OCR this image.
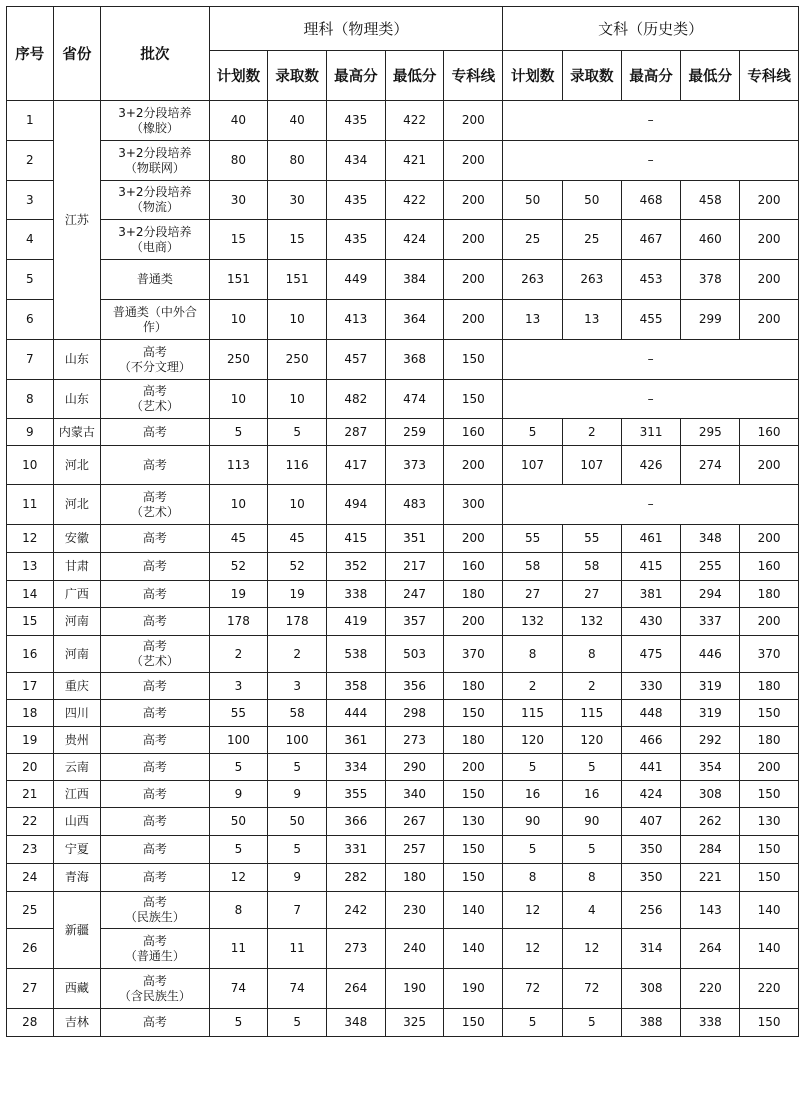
序号	省份	批次	理科（物理类）					文科（历史类）				
			计划数	录取数	最高分	最低分	专科线	计划数	录取数	最高分	最低分	专科线
1	江苏	3+2分段培养
（橡胶）	40	40	435	422	200	–				
2		3+2分段培养
（物联网）	80	80	434	421	200	–				
3		3+2分段培养
（物流）	30	30	435	422	200	50	50	468	458	200
4		3+2分段培养
（电商）	15	15	435	424	200	25	25	467	460	200
5		普通类	151	151	449	384	200	263	263	453	378	200
6		普通类（中外合
作）	10	10	413	364	200	13	13	455	299	200
7	山东	高考
（不分文理）	250	250	457	368	150	–				
8	山东	高考
（艺术）	10	10	482	474	150	–				
9	内蒙古	高考	5	5	287	259	160	5	2	311	295	160
10	河北	高考	113	116	417	373	200	107	107	426	274	200
11	河北	高考
（艺术）	10	10	494	483	300	–				
12	安徽	高考	45	45	415	351	200	55	55	461	348	200
13	甘肃	高考	52	52	352	217	160	58	58	415	255	160
14	广西	高考	19	19	338	247	180	27	27	381	294	180
15	河南	高考	178	178	419	357	200	132	132	430	337	200
16	河南	高考
（艺术）	2	2	538	503	370	8	8	475	446	370
17	重庆	高考	3	3	358	356	180	2	2	330	319	180
18	四川	高考	55	58	444	298	150	115	115	448	319	150
19	贵州	高考	100	100	361	273	180	120	120	466	292	180
20	云南	高考	5	5	334	290	200	5	5	441	354	200
21	江西	高考	9	9	355	340	150	16	16	424	308	150
22	山西	高考	50	50	366	267	130	90	90	407	262	130
23	宁夏	高考	5	5	331	257	150	5	5	350	284	150
24	青海	高考	12	9	282	180	150	8	8	350	221	150
25	新疆	高考
（民族生）	8	7	242	230	140	12	4	256	143	140
26		高考
（普通生）	11	11	273	240	140	12	12	314	264	140
27	西藏	高考
（含民族生）	74	74	264	190	190	72	72	308	220	220
28	吉林	高考	5	5	348	325	150	5	5	388	338	150
